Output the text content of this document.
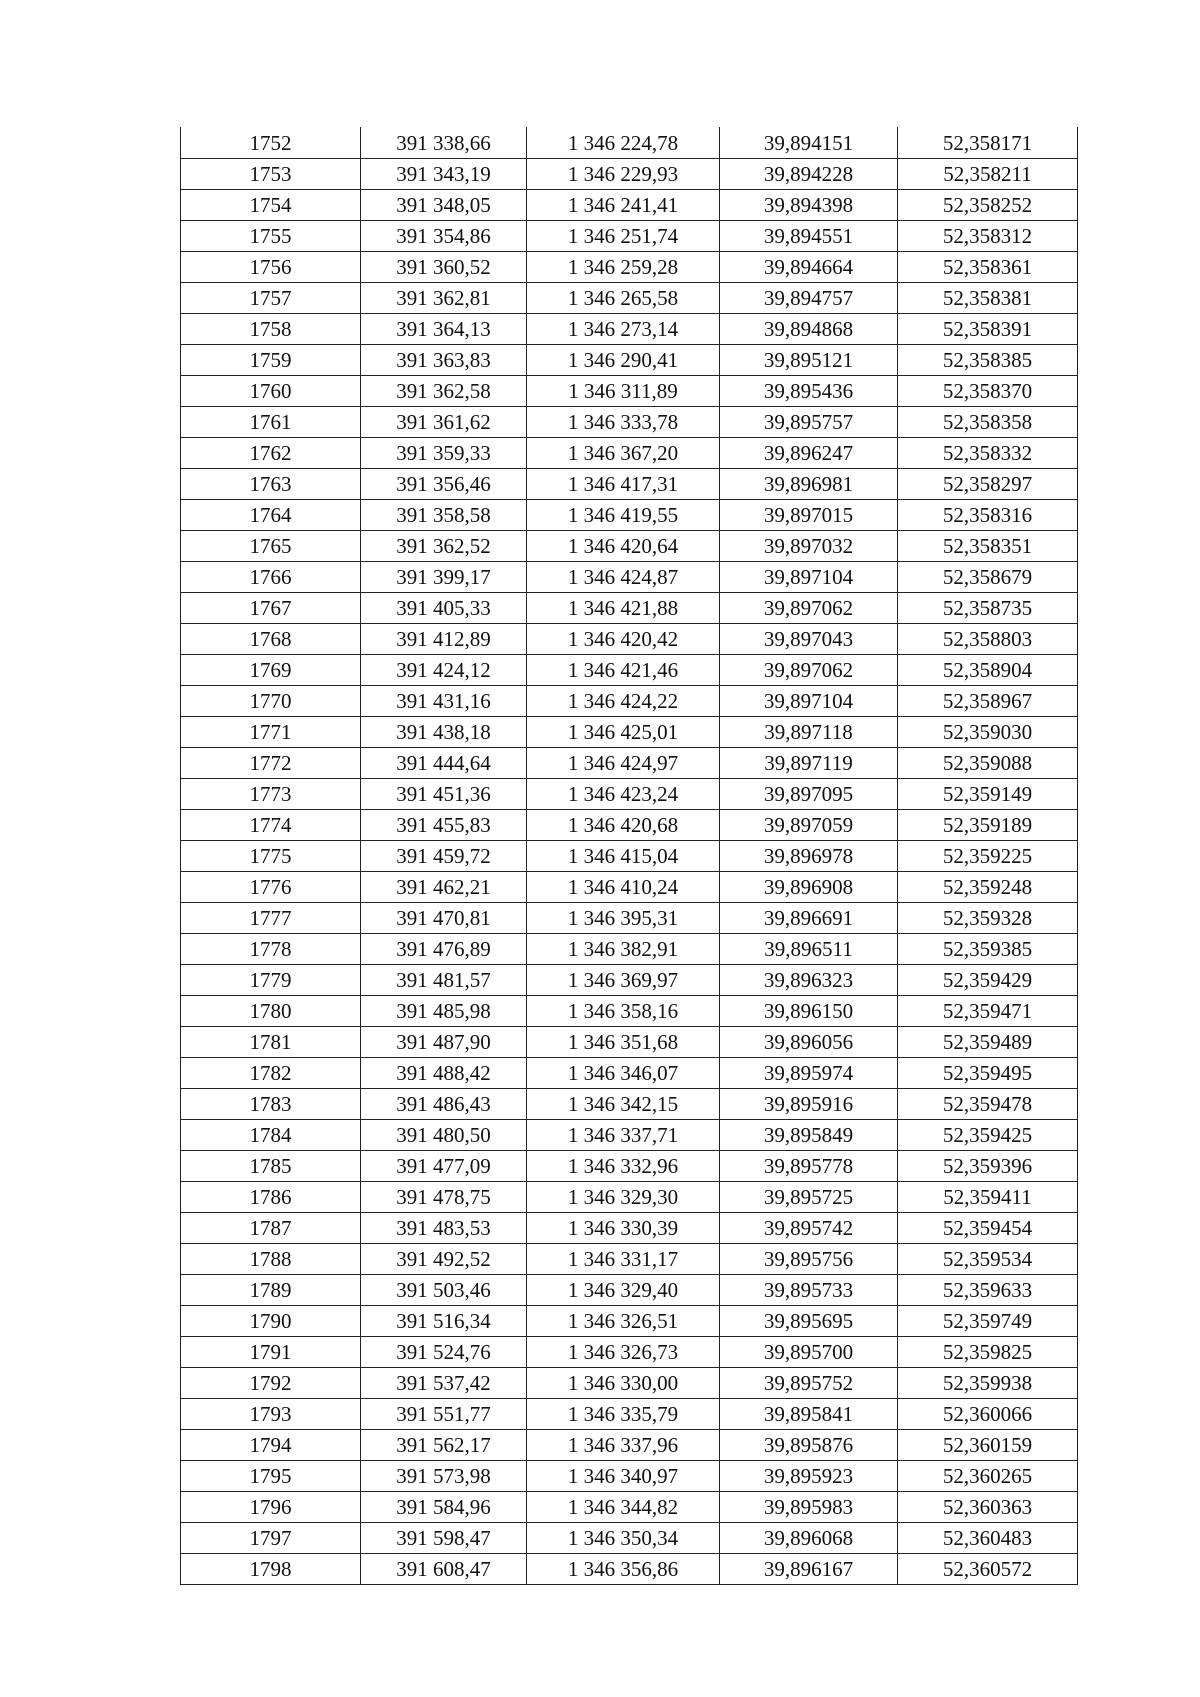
1752	391 338,66	1 346 224,78	39,894151	52,358171
1753	391 343,19	1 346 229,93	39,894228	52,358211
1754	391 348,05	1 346 241,41	39,894398	52,358252
1755	391 354,86	1 346 251,74	39,894551	52,358312
1756	391 360,52	1 346 259,28	39,894664	52,358361
1757	391 362,81	1 346 265,58	39,894757	52,358381
1758	391 364,13	1 346 273,14	39,894868	52,358391
1759	391 363,83	1 346 290,41	39,895121	52,358385
1760	391 362,58	1 346 311,89	39,895436	52,358370
1761	391 361,62	1 346 333,78	39,895757	52,358358
1762	391 359,33	1 346 367,20	39,896247	52,358332
1763	391 356,46	1 346 417,31	39,896981	52,358297
1764	391 358,58	1 346 419,55	39,897015	52,358316
1765	391 362,52	1 346 420,64	39,897032	52,358351
1766	391 399,17	1 346 424,87	39,897104	52,358679
1767	391 405,33	1 346 421,88	39,897062	52,358735
1768	391 412,89	1 346 420,42	39,897043	52,358803
1769	391 424,12	1 346 421,46	39,897062	52,358904
1770	391 431,16	1 346 424,22	39,897104	52,358967
1771	391 438,18	1 346 425,01	39,897118	52,359030
1772	391 444,64	1 346 424,97	39,897119	52,359088
1773	391 451,36	1 346 423,24	39,897095	52,359149
1774	391 455,83	1 346 420,68	39,897059	52,359189
1775	391 459,72	1 346 415,04	39,896978	52,359225
1776	391 462,21	1 346 410,24	39,896908	52,359248
1777	391 470,81	1 346 395,31	39,896691	52,359328
1778	391 476,89	1 346 382,91	39,896511	52,359385
1779	391 481,57	1 346 369,97	39,896323	52,359429
1780	391 485,98	1 346 358,16	39,896150	52,359471
1781	391 487,90	1 346 351,68	39,896056	52,359489
1782	391 488,42	1 346 346,07	39,895974	52,359495
1783	391 486,43	1 346 342,15	39,895916	52,359478
1784	391 480,50	1 346 337,71	39,895849	52,359425
1785	391 477,09	1 346 332,96	39,895778	52,359396
1786	391 478,75	1 346 329,30	39,895725	52,359411
1787	391 483,53	1 346 330,39	39,895742	52,359454
1788	391 492,52	1 346 331,17	39,895756	52,359534
1789	391 503,46	1 346 329,40	39,895733	52,359633
1790	391 516,34	1 346 326,51	39,895695	52,359749
1791	391 524,76	1 346 326,73	39,895700	52,359825
1792	391 537,42	1 346 330,00	39,895752	52,359938
1793	391 551,77	1 346 335,79	39,895841	52,360066
1794	391 562,17	1 346 337,96	39,895876	52,360159
1795	391 573,98	1 346 340,97	39,895923	52,360265
1796	391 584,96	1 346 344,82	39,895983	52,360363
1797	391 598,47	1 346 350,34	39,896068	52,360483
1798	391 608,47	1 346 356,86	39,896167	52,360572
